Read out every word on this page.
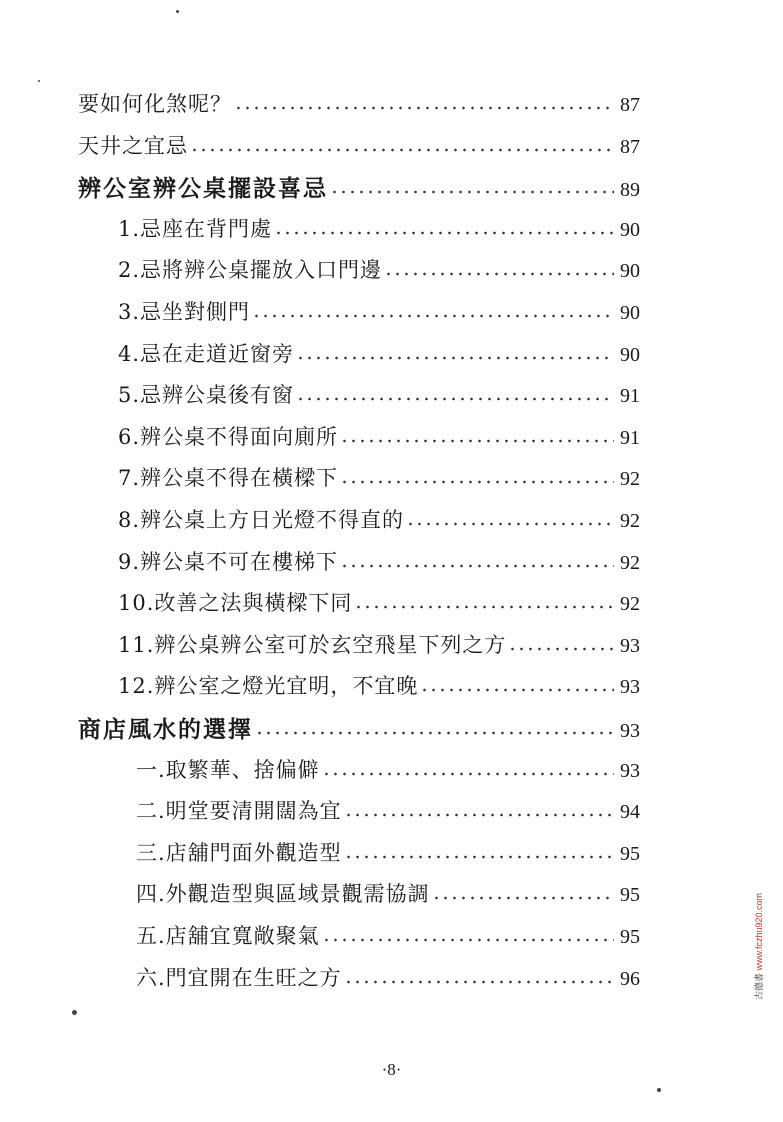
要如何化煞呢？	87
天井之宜忌	87
辨公室辨公桌擺設喜忌	89
1.忌座在背門處	90
2.忌將辨公桌擺放入口門邊	90
3.忌坐對側門	90
4.忌在走道近窗旁	90
5.忌辨公桌後有窗	91
6.辨公桌不得面向廁所	91
7.辨公桌不得在橫樑下	92
8.辨公桌上方日光燈不得直的	92
9.辨公桌不可在樓梯下	92
10.改善之法與橫樑下同	92
11.辨公桌辨公室可於玄空飛星下列之方	93
12.辨公室之燈光宜明，不宜晚	93
商店風水的選擇	93
一.取繁華、捨偏僻	93
二.明堂要清開闊為宜	94
三.店舖門面外觀造型	95
四.外觀造型與區域景觀需協調	95
五.店舖宜寬敞聚氣	95
六.門宜開在生旺之方	96
·8·
古德書 www.fczhu920.com
